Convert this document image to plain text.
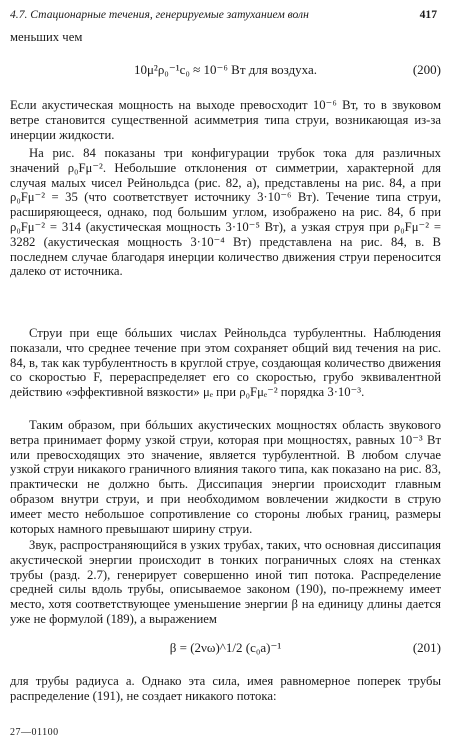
4.7. Стационарные течения, генерируемые затуханием волн	417

меньших чем

10μ²ρ₀⁻¹c₀ ≈ 10⁻⁶ Вт для воздуха.	(200)

Если акустическая мощность на выходе превосходит 10⁻⁶ Вт, то в звуковом ветре становится существенной асимметрия типа струи, возникающая из-за инерции жидкости.

На рис. 84 показаны три конфигурации трубок тока для различных значений ρ₀Fμ⁻². Небольшие отклонения от симметрии, характерной для случая малых чисел Рейнольдса (рис. 82, а), представлены на рис. 84, а при ρ₀Fμ⁻² = 35 (что соответствует источнику 3·10⁻⁶ Вт). Течение типа струи, расширяющееся, однако, под большим углом, изображено на рис. 84, б при ρ₀Fμ⁻² = 314 (акустическая мощность 3·10⁻⁵ Вт), а узкая струя при ρ₀Fμ⁻² = 3282 (акустическая мощность 3·10⁻⁴ Вт) представлена на рис. 84, в. В последнем случае благодаря инерции количество движения струи переносится далеко от источника.

Струи при еще бóльших числах Рейнольдса турбулентны. Наблюдения показали, что среднее течение при этом сохраняет общий вид течения на рис. 84, в, так как турбулентность в круглой струе, создающая количество движения со скоростью F, перераспределяет его со скоростью, грубо эквивалентной действию «эффективной вязкости» μₑ при ρ₀Fμₑ⁻² порядка 3·10⁻³.

Таким образом, при бóльших акустических мощностях область звукового ветра принимает форму узкой струи, которая при мощностях, равных 10⁻³ Вт или превосходящих это значение, является турбулентной. В любом случае узкой струи никакого граничного влияния такого типа, как показано на рис. 83, практически не должно быть. Диссипация энергии происходит главным образом внутри струи, и при необходимом вовлечении жидкости в струю имеет место небольшое сопротивление со стороны любых границ, размеры которых намного превышают ширину струи.

Звук, распространяющийся в узких трубах, таких, что основная диссипация акустической энергии происходит в тонких пограничных слоях на стенках трубы (разд. 2.7), генерирует совершенно иной тип потока. Распределение средней силы вдоль трубы, описываемое законом (190), по-прежнему имеет место, хотя соответствующее уменьшение энергии β на единицу длины дается уже не формулой (189), а выражением

β = (2νω)^1/2 (c₀a)⁻¹	(201)

для трубы радиуса a. Однако эта сила, имея равномерное поперек трубы распределение (191), не создает никакого потока:

27—01100
